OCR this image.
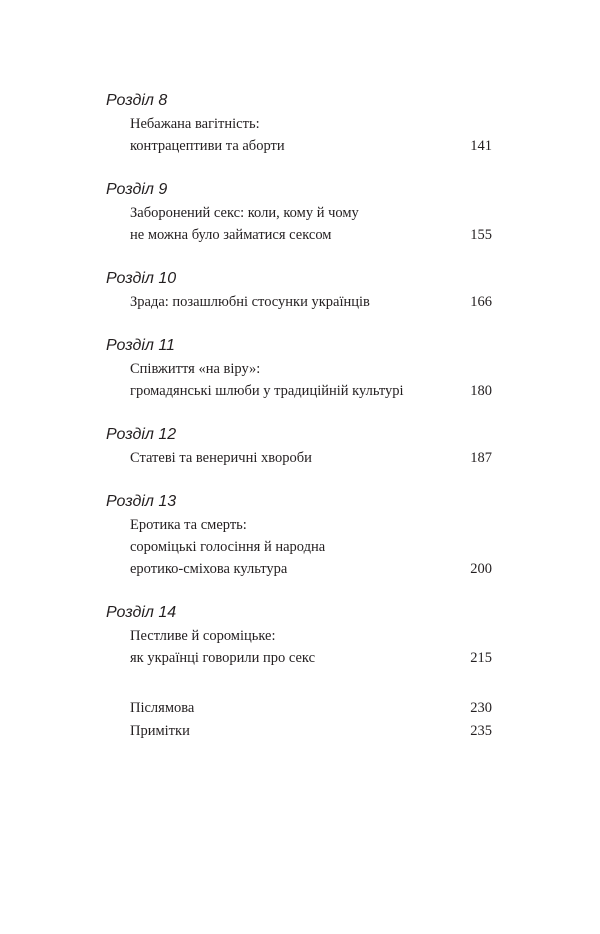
Розділ 8
Небажана вагітність:
контрацептиви та аборти	141
Розділ 9
Заборонений секс: коли, кому й чому
не можна було займатися сексом	155
Розділ 10
Зрада: позашлюбні стосунки українців	166
Розділ 11
Співжиття «на віру»:
громадянські шлюби у традиційній культурі	180
Розділ 12
Статеві та венеричні хвороби	187
Розділ 13
Еротика та смерть:
сороміцькі голосіння й народна
еротико-сміхова культура	200
Розділ 14
Пестливе й сороміцьке:
як українці говорили про секс	215
Післямова	230
Примітки	235
